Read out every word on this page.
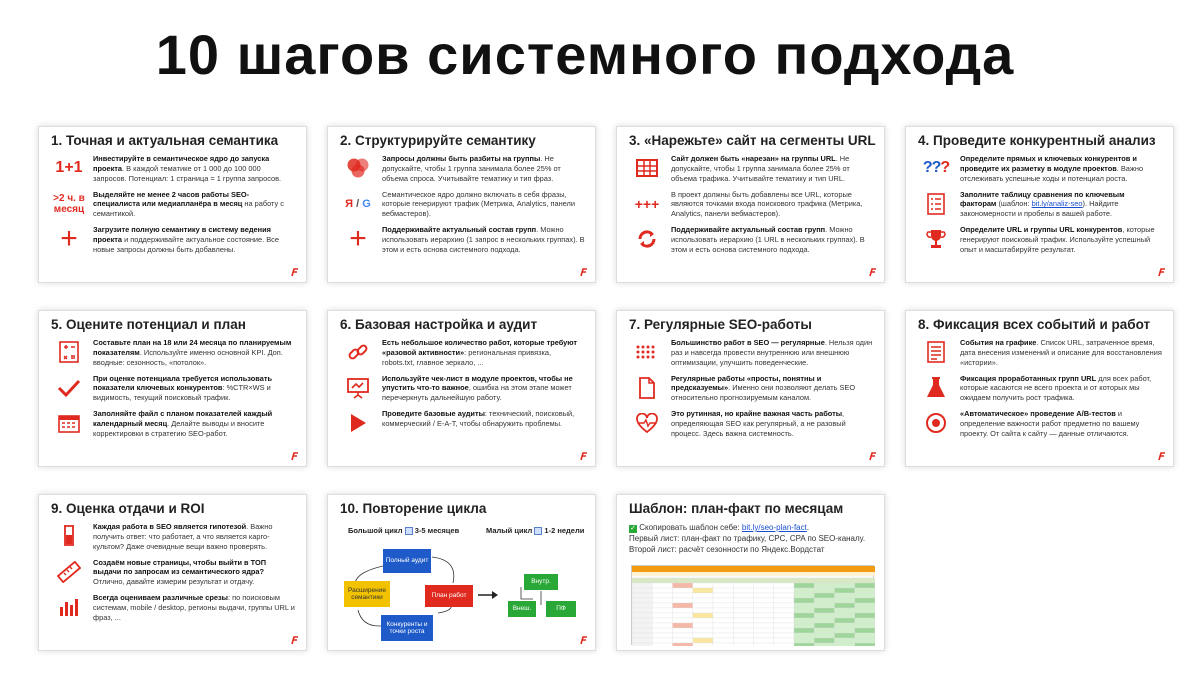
10 шагов системного подхода
1. Точная и актуальная семантика
1+1
Инвестируйте в семантическое ядро до запуска проекта. В каждой тематике от 1 000 до 100 000 запросов. Потенциал: 1 страница = 1 группа запросов.
>2 ч. в
месяц
Выделяйте не менее 2 часов работы SEO-специалиста или медиапланёра в месяц на работу с семантикой.
+ Загрузите полную семантику в систему ведения проекта и поддерживайте актуальное состояние. Все новые запросы должны быть добавлены.
2. Структурируйте семантику
Запросы должны быть разбиты на группы. Не допускайте, чтобы 1 группа занимала более 25% от объема спроса. Учитывайте тематику и тип фраз.
Я / G
Семантическое ядро должно включать в себя фразы, которые генерируют трафик (Метрика, Analytics, панели вебмастеров).
+ Поддерживайте актуальный состав групп. Можно использовать иерархию (1 запрос в нескольких группах). В этом и есть основа системного подхода.
3. «Нарежьте» сайт на сегменты URL
Сайт должен быть «нарезан» на группы URL. Не допускайте, чтобы 1 группа занимала более 25% от объема трафика. Учитывайте тематику и тип URL.
+++
В проект должны быть добавлены все URL, которые являются точками входа поискового трафика (Метрика, Analytics, панели вебмастеров).
Поддерживайте актуальный состав групп. Можно использовать иерархию (1 URL в нескольких группах). В этом и есть основа системного подхода.
4. Проведите конкурентный анализ
???
Определите прямых и ключевых конкурентов и проведите их разметку в модуле проектов. Важно отслеживать успешные ходы и потенциал роста.
Заполните таблицу сравнения по ключевым факторам (шаблон: bit.ly/analiz-seo). Найдите закономерности и пробелы в вашей работе.
Определите URL и группы URL конкурентов, которые генерируют поисковый трафик. Используйте успешный опыт и масштабируйте результат.
5. Оцените потенциал и план
Составьте план на 18 или 24 месяца по планируемым показателям. Используйте именно основной KPI. Доп. вводные: сезонность, «потолок».
При оценке потенциала требуется использовать показатели ключевых конкурентов: %CTR×WS и видимость, текущий поисковый трафик.
Заполняйте файл с планом показателей каждый календарный месяц. Делайте выводы и вносите корректировки в стратегию SEO-работ.
6. Базовая настройка и аудит
Есть небольшое количество работ, которые требуют «разовой активности»: региональная привязка, robots.txt, главное зеркало, ...
Используйте чек-лист в модуле проектов, чтобы не упустить что-то важное, ошибка на этом этапе может перечеркнуть дальнейшую работу.
Проведите базовые аудиты: технический, поисковый, коммерческий / E-A-T, чтобы обнаружить проблемы.
7. Регулярные SEO-работы
Большинство работ в SEO — регулярные. Нельзя один раз и навсегда провести внутреннюю или внешнюю оптимизации, улучшить поведенческие.
Регулярные работы «просты, понятны и предсказуемы». Именно они позволяют делать SEO относительно прогнозируемым каналом.
Это рутинная, но крайне важная часть работы, определяющая SEO как регулярный, а не разовый процесс. Здесь важна системность.
8. Фиксация всех событий и работ
События на графике. Список URL, затраченное время, дата внесения изменений и описание для восстановления «истории».
Фиксация проработанных групп URL для всех работ, которые касаются не всего проекта и от которых мы ожидаем получить рост трафика.
«Автоматическое» проведение A/B-тестов и определение важности работ предметно по вашему проекту. От сайта к сайту — данные отличаются.
9. Оценка отдачи и ROI
Каждая работа в SEO является гипотезой. Важно получить ответ: что работает, а что является карго-культом? Даже очевидные вещи важно проверять.
Создаём новые страницы, чтобы выйти в ТОП выдачи по запросам из семантического ядра? Отлично, давайте измерим результат и отдачу.
Всегда оцениваем различные срезы: по поисковым системам, mobile / desktop, регионы выдачи, группы URL и фраз, ...
10. Повторение цикла
Большой цикл 3-5 месяцев	Малый цикл 1-2 недели
Полный аудит
Расширение семантики	План работ
Конкуренты и точки роста
Внутр.
Внеш.	ПФ
Шаблон: план-факт по месяцам
✓ Скопировать шаблон себе: bit.ly/seo-plan-fact.
Первый лист: план-факт по трафику, CPC, CPA по SEO-каналу.
Второй лист: расчёт сезонности по Яндекс.Вордстат
